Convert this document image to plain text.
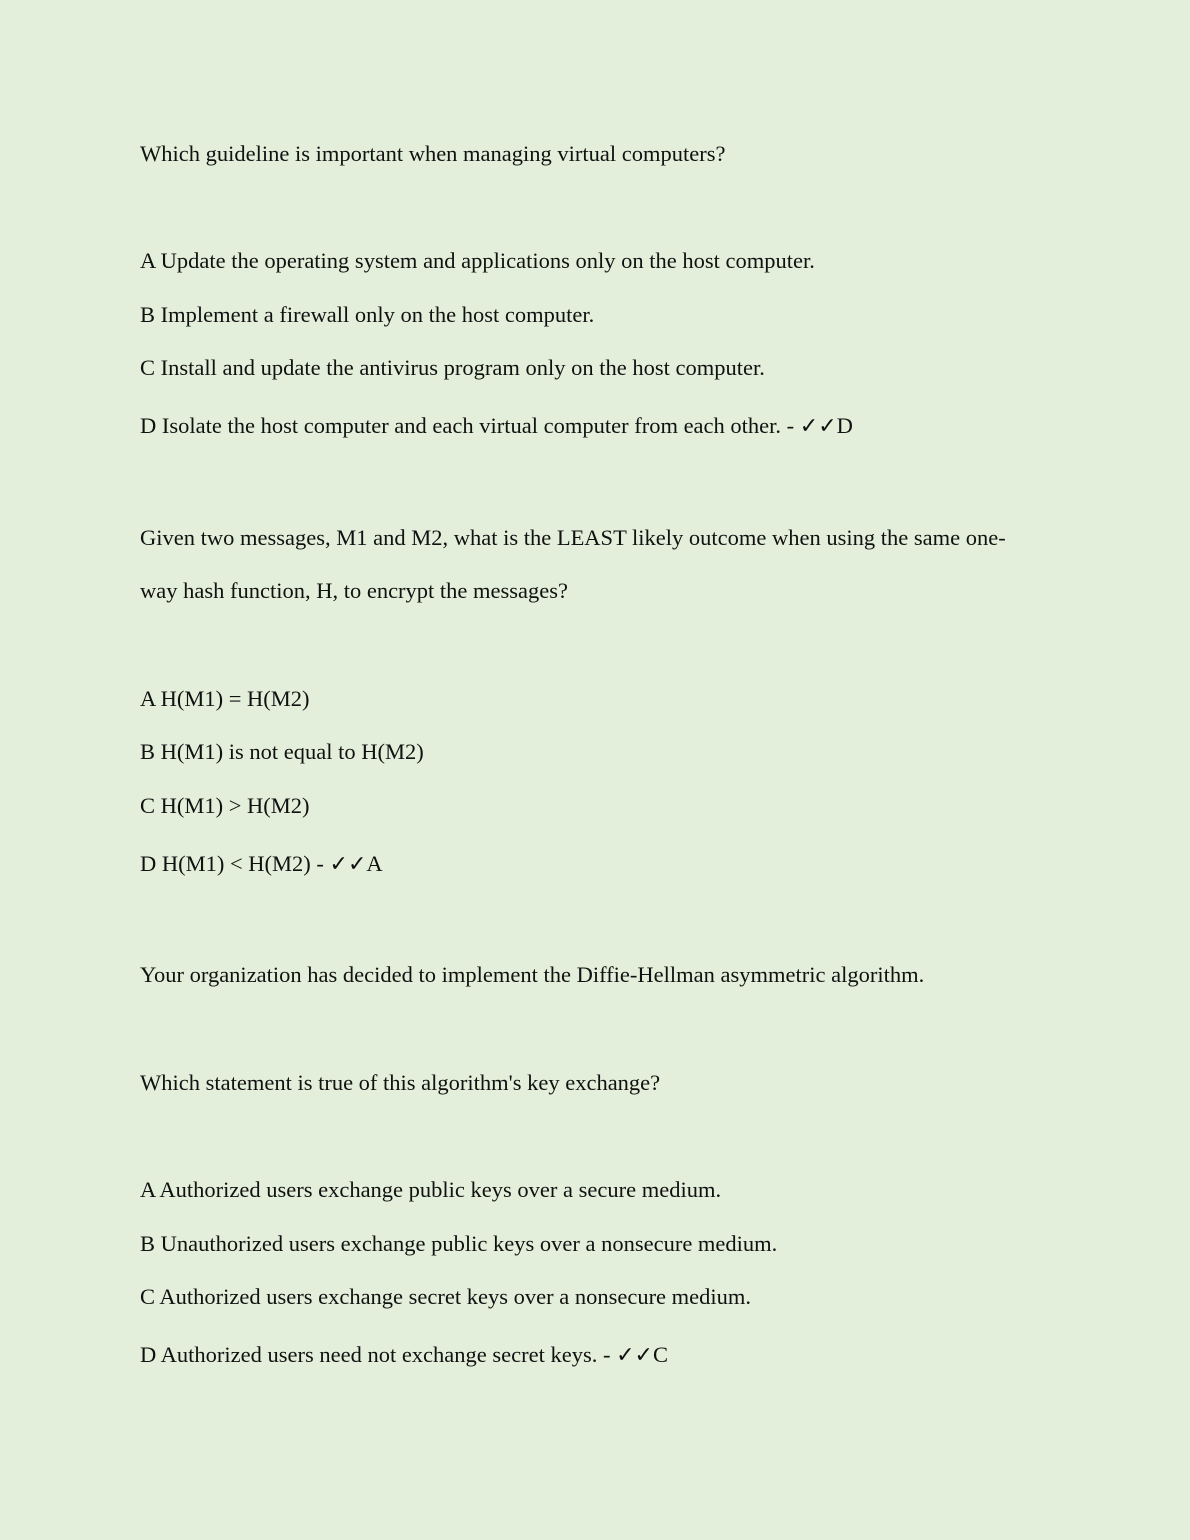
Which guideline is important when managing virtual computers?

A Update the operating system and applications only on the host computer.

B Implement a firewall only on the host computer.

C Install and update the antivirus program only on the host computer.

D Isolate the host computer and each virtual computer from each other. - ✓✓D

Given two messages, M1 and M2, what is the LEAST likely outcome when using the same one-

way hash function, H, to encrypt the messages?

A H(M1) = H(M2)

B H(M1) is not equal to H(M2)

C H(M1) > H(M2)

D H(M1) < H(M2) - ✓✓A

Your organization has decided to implement the Diffie-Hellman asymmetric algorithm.

Which statement is true of this algorithm's key exchange?

A Authorized users exchange public keys over a secure medium.

B Unauthorized users exchange public keys over a nonsecure medium.

C Authorized users exchange secret keys over a nonsecure medium.

D Authorized users need not exchange secret keys. - ✓✓C
